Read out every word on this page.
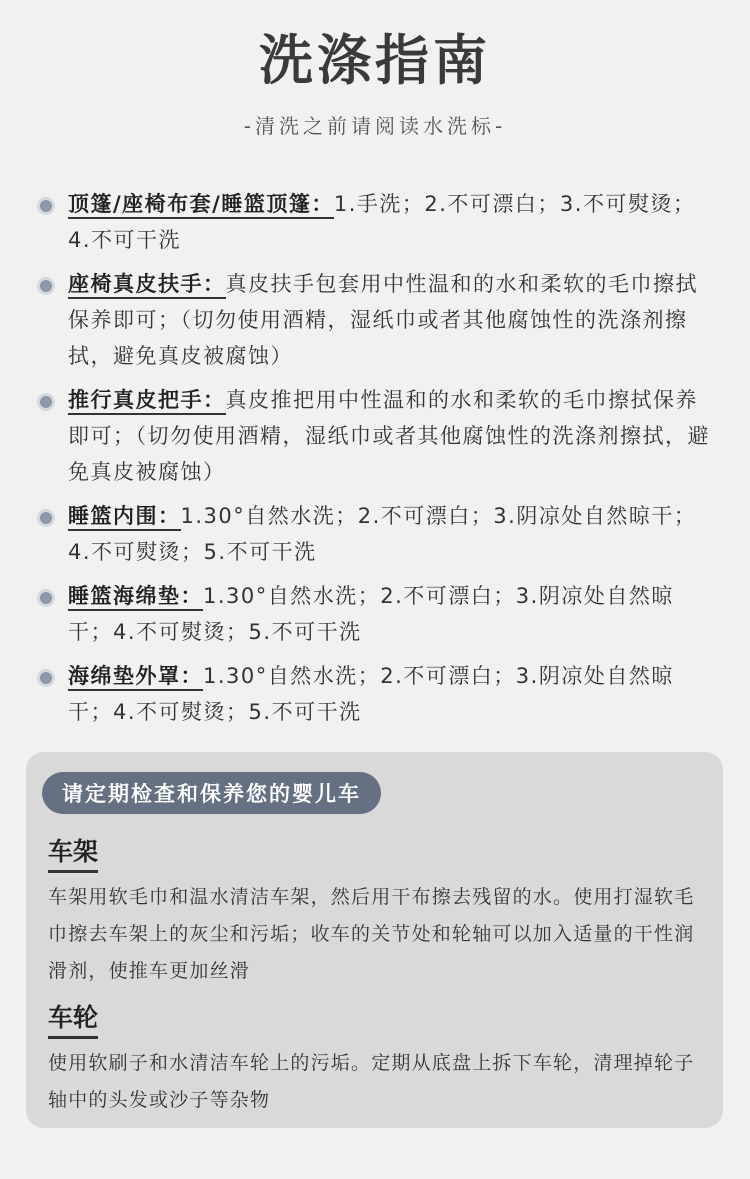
洗涤指南
-清洗之前请阅读水洗标-
顶篷/座椅布套/睡篮顶篷：1.手洗；2.不可漂白；3.不可熨烫；4.不可干洗
座椅真皮扶手：真皮扶手包套用中性温和的水和柔软的毛巾擦拭保养即可；（切勿使用酒精，湿纸巾或者其他腐蚀性的洗涤剂擦拭，避免真皮被腐蚀）
推行真皮把手：真皮推把用中性温和的水和柔软的毛巾擦拭保养即可；（切勿使用酒精，湿纸巾或者其他腐蚀性的洗涤剂擦拭，避免真皮被腐蚀）
睡篮内围：1.30°自然水洗；2.不可漂白；3.阴凉处自然晾干；4.不可熨烫；5.不可干洗
睡篮海绵垫：1.30°自然水洗；2.不可漂白；3.阴凉处自然晾干；4.不可熨烫；5.不可干洗
海绵垫外罩：1.30°自然水洗；2.不可漂白；3.阴凉处自然晾干；4.不可熨烫；5.不可干洗
请定期检查和保养您的婴儿车
车架

车架用软毛巾和温水清洁车架，然后用干布擦去残留的水。使用打湿软毛巾擦去车架上的灰尘和污垢；收车的关节处和轮轴可以加入适量的干性润滑剂，使推车更加丝滑

车轮

使用软刷子和水清洁车轮上的污垢。定期从底盘上拆下车轮，清理掉轮子轴中的头发或沙子等杂物
